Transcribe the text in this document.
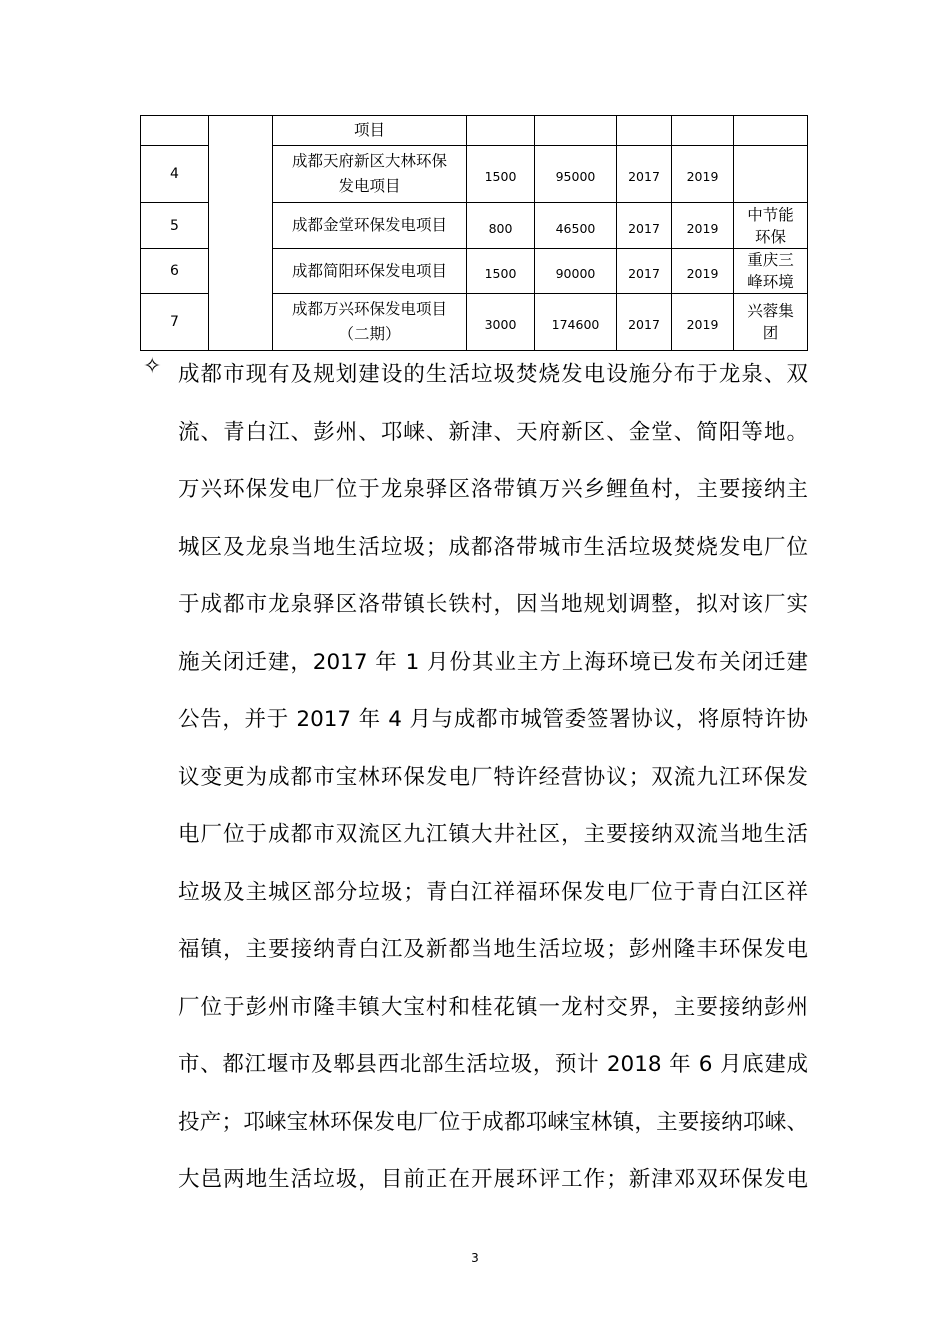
		项目					
4		成都天府新区大林环保
发电项目	1500	95000	2017	2019	
5		成都金堂环保发电项目	800	46500	2017	2019	中节能
环保
6		成都简阳环保发电项目	1500	90000	2017	2019	重庆三
峰环境
7		成都万兴环保发电项目
（二期）	3000	174600	2017	2019	兴蓉集
团
✧ 成都市现有及规划建设的生活垃圾焚烧发电设施分布于龙泉、双
流、青白江、彭州、邛崃、新津、天府新区、金堂、简阳等地。
万兴环保发电厂位于龙泉驿区洛带镇万兴乡鲤鱼村，主要接纳主
城区及龙泉当地生活垃圾；成都洛带城市生活垃圾焚烧发电厂位
于成都市龙泉驿区洛带镇长铁村，因当地规划调整，拟对该厂实
施关闭迁建，2017 年 1 月份其业主方上海环境已发布关闭迁建
公告，并于 2017 年 4 月与成都市城管委签署协议，将原特许协
议变更为成都市宝林环保发电厂特许经营协议；双流九江环保发
电厂位于成都市双流区九江镇大井社区，主要接纳双流当地生活
垃圾及主城区部分垃圾；青白江祥福环保发电厂位于青白江区祥
福镇，主要接纳青白江及新都当地生活垃圾；彭州隆丰环保发电
厂位于彭州市隆丰镇大宝村和桂花镇一龙村交界，主要接纳彭州
市、都江堰市及郫县西北部生活垃圾，预计 2018 年 6 月底建成
投产；邛崃宝林环保发电厂位于成都邛崃宝林镇，主要接纳邛崃、
大邑两地生活垃圾，目前正在开展环评工作；新津邓双环保发电
3
